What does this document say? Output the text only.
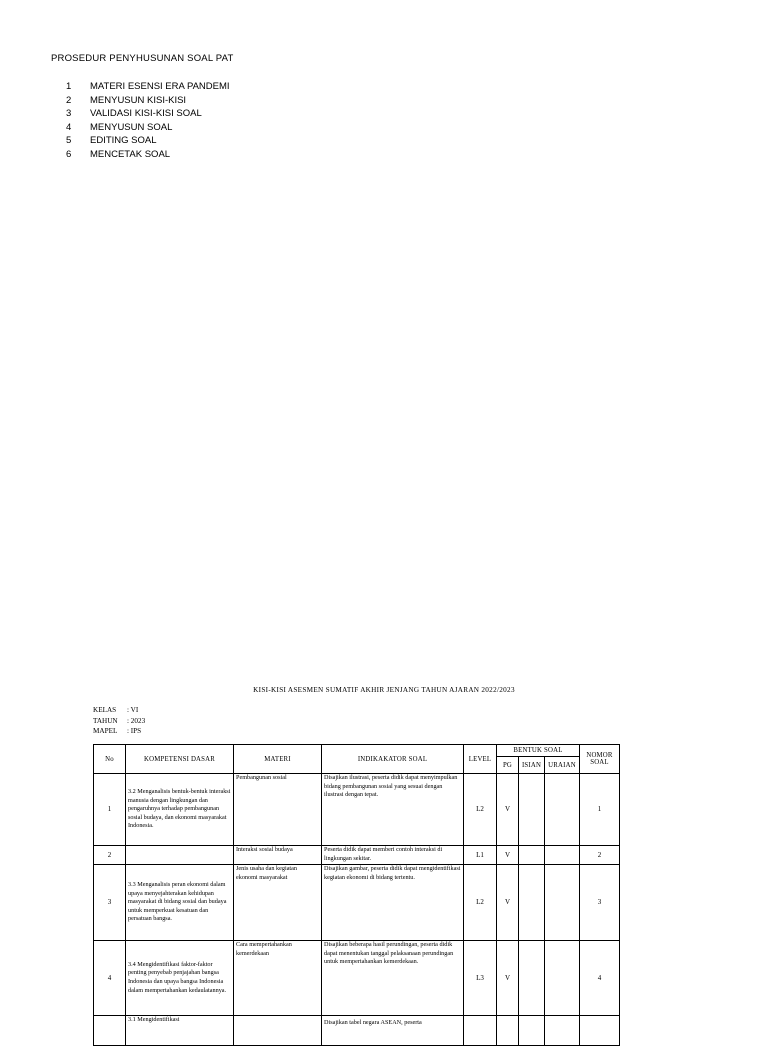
PROSEDUR PENYHUSUNAN SOAL PAT
1 MATERI ESENSI ERA PANDEMI
2 MENYUSUN KISI-KISI
3 VALIDASI KISI-KISI SOAL
4 MENYUSUN SOAL
5 EDITING SOAL
6 MENCETAK SOAL
KISI-KISI ASESMEN SUMATIF AKHIR JENJANG TAHUN AJARAN 2022/2023
KELAS : VI
TAHUN : 2023
MAPEL : IPS
No	KOMPETENSI DASAR	MATERI	INDIKAKATOR SOAL	LEVEL	BENTUK SOAL			NOMOR SOAL
					PG	ISIAN	URAIAN	
1	3.2 Menganalisis bentuk-bentuk interaksi manusia dengan lingkungan dan pengaruhnya terhadap pembangunan sosial budaya, dan ekonomi masyarakat Indonesia.	Pembangunan sosial	Disajikan ilustrasi, peserta didik dapat menyimpulkan bidang pembangunan sosial yang sesuai dengan ilustrasi dengan tepat.	L2	V			1
2		Interaksi sosial budaya	Peserta didik dapat memberi contoh interaksi di lingkungan sekitar.	L1	V			2
3	3.3 Menganalisis peran ekonomi dalam upaya menyejahterakan kehidupan masyarakat di bidang sosial dan budaya untuk memperkuat kesatuan dan persatuan bangsa.	Jenis usaha dan kegiatan ekonomi masyarakat	Disajikan gambar, peserta didik dapat mengidentifikasi kegiatan ekonomi di bidang tertentu.	L2	V			3
4	3.4 Mengidentifikasi faktor-faktor penting penyebab penjajahan bangsa Indonesia dan upaya bangsa Indonesia dalam mempertahankan kedaulatannya.	Cara mempertahankan kemerdekaan	Disajikan beberapa hasil perundingan, peserta didik dapat menentukan tanggal pelaksanaan perundingan untuk mempertahankan kemerdekaan.	L3	V			4
	3.1 Mengidentifikasi		Disajikan tabel negara ASEAN, peserta					
